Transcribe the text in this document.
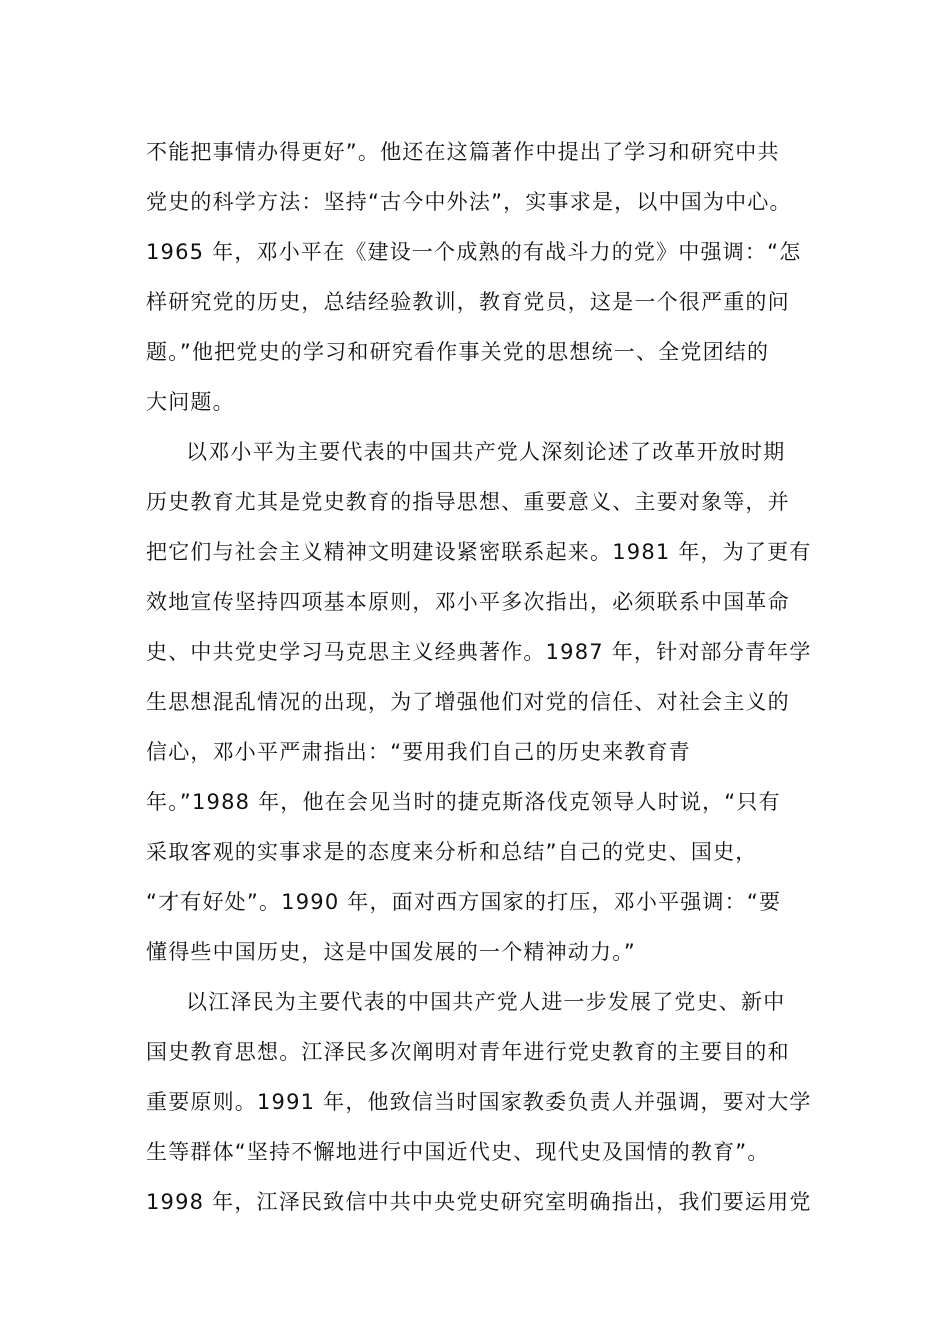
不能把事情办得更好”。他还在这篇著作中提出了学习和研究中共
党史的科学方法：坚持“古今中外法”，实事求是，以中国为中心。
1965 年，邓小平在《建设一个成熟的有战斗力的党》中强调：“怎
样研究党的历史，总结经验教训，教育党员，这是一个很严重的问
题。”他把党史的学习和研究看作事关党的思想统一、全党团结的
大问题。
以邓小平为主要代表的中国共产党人深刻论述了改革开放时期
历史教育尤其是党史教育的指导思想、重要意义、主要对象等，并
把它们与社会主义精神文明建设紧密联系起来。1981 年，为了更有
效地宣传坚持四项基本原则，邓小平多次指出，必须联系中国革命
史、中共党史学习马克思主义经典著作。1987 年，针对部分青年学
生思想混乱情况的出现，为了增强他们对党的信任、对社会主义的
信心，邓小平严肃指出：“要用我们自己的历史来教育青
年。”1988 年，他在会见当时的捷克斯洛伐克领导人时说，“只有
采取客观的实事求是的态度来分析和总结”自己的党史、国史，
“才有好处”。1990 年，面对西方国家的打压，邓小平强调：“要
懂得些中国历史，这是中国发展的一个精神动力。”
以江泽民为主要代表的中国共产党人进一步发展了党史、新中
国史教育思想。江泽民多次阐明对青年进行党史教育的主要目的和
重要原则。1991 年，他致信当时国家教委负责人并强调，要对大学
生等群体“坚持不懈地进行中国近代史、现代史及国情的教育”。
1998 年，江泽民致信中共中央党史研究室明确指出，我们要运用党
